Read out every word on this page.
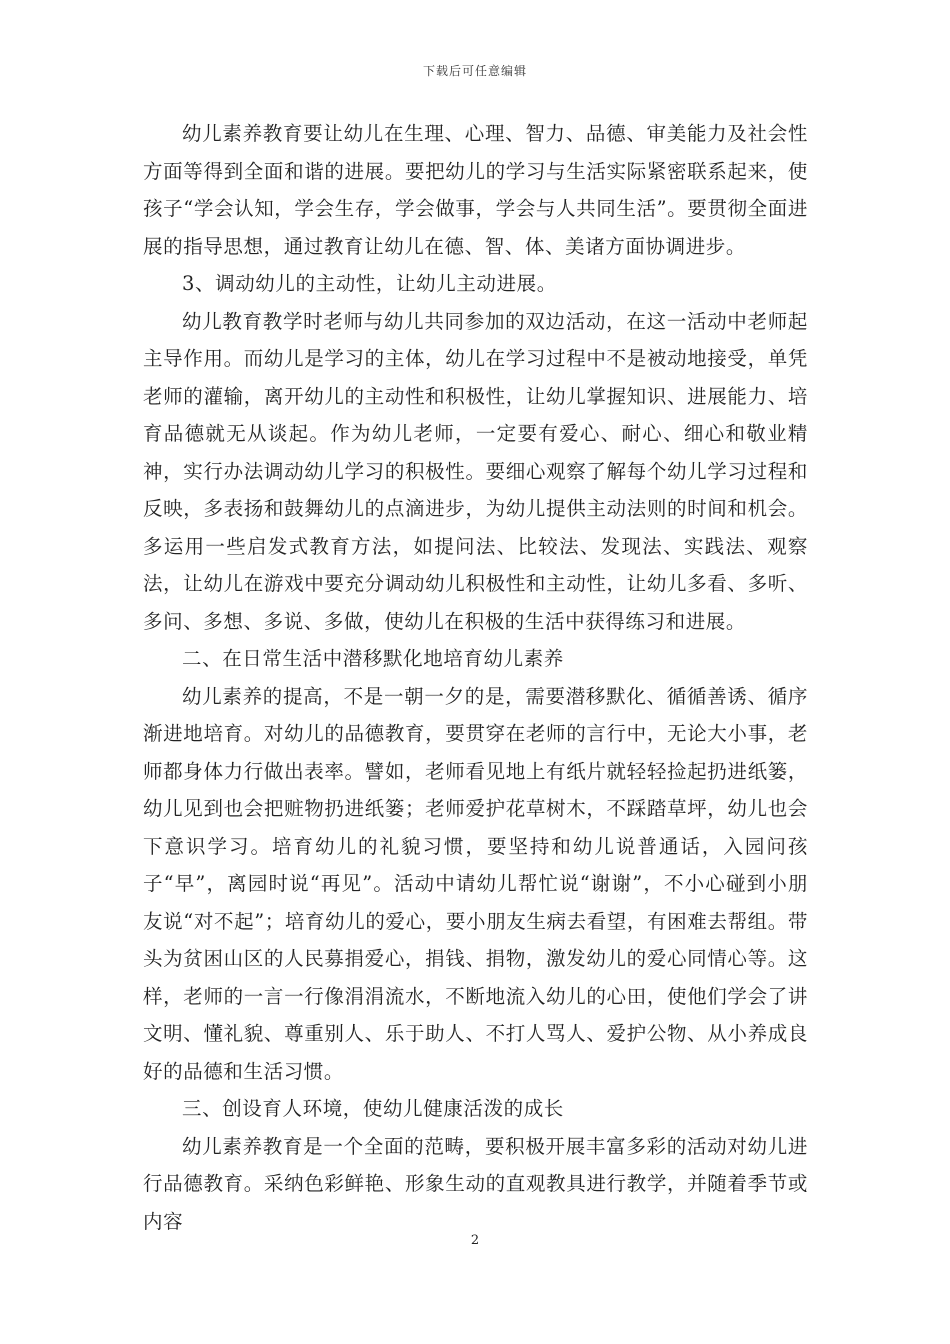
下载后可任意编辑

幼儿素养教育要让幼儿在生理、心理、智力、品德、审美能力及社会性方面等得到全面和谐的进展。要把幼儿的学习与生活实际紧密联系起来，使孩子“学会认知，学会生存，学会做事，学会与人共同生活”。要贯彻全面进展的指导思想，通过教育让幼儿在德、智、体、美诸方面协调进步。

3、调动幼儿的主动性，让幼儿主动进展。

幼儿教育教学时老师与幼儿共同参加的双边活动，在这一活动中老师起主导作用。而幼儿是学习的主体，幼儿在学习过程中不是被动地接受，单凭老师的灌输，离开幼儿的主动性和积极性，让幼儿掌握知识、进展能力、培育品德就无从谈起。作为幼儿老师，一定要有爱心、耐心、细心和敬业精神，实行办法调动幼儿学习的积极性。要细心观察了解每个幼儿学习过程和反映，多表扬和鼓舞幼儿的点滴进步，为幼儿提供主动法则的时间和机会。多运用一些启发式教育方法，如提问法、比较法、发现法、实践法、观察法，让幼儿在游戏中要充分调动幼儿积极性和主动性，让幼儿多看、多听、多问、多想、多说、多做，使幼儿在积极的生活中获得练习和进展。

二、在日常生活中潜移默化地培育幼儿素养

幼儿素养的提高，不是一朝一夕的是，需要潜移默化、循循善诱、循序渐进地培育。对幼儿的品德教育，要贯穿在老师的言行中，无论大小事，老师都身体力行做出表率。譬如，老师看见地上有纸片就轻轻捡起扔进纸篓，幼儿见到也会把赃物扔进纸篓；老师爱护花草树木，不踩踏草坪，幼儿也会下意识学习。培育幼儿的礼貌习惯，要坚持和幼儿说普通话，入园问孩子“早”，离园时说“再见”。活动中请幼儿帮忙说“谢谢”，不小心碰到小朋友说“对不起”；培育幼儿的爱心，要小朋友生病去看望，有困难去帮组。带头为贫困山区的人民募捐爱心，捐钱、捐物，激发幼儿的爱心同情心等。这样，老师的一言一行像涓涓流水，不断地流入幼儿的心田，使他们学会了讲文明、懂礼貌、尊重别人、乐于助人、不打人骂人、爱护公物、从小养成良好的品德和生活习惯。

三、创设育人环境，使幼儿健康活泼的成长

幼儿素养教育是一个全面的范畴，要积极开展丰富多彩的活动对幼儿进行品德教育。采纳色彩鲜艳、形象生动的直观教具进行教学，并随着季节或内容

2
